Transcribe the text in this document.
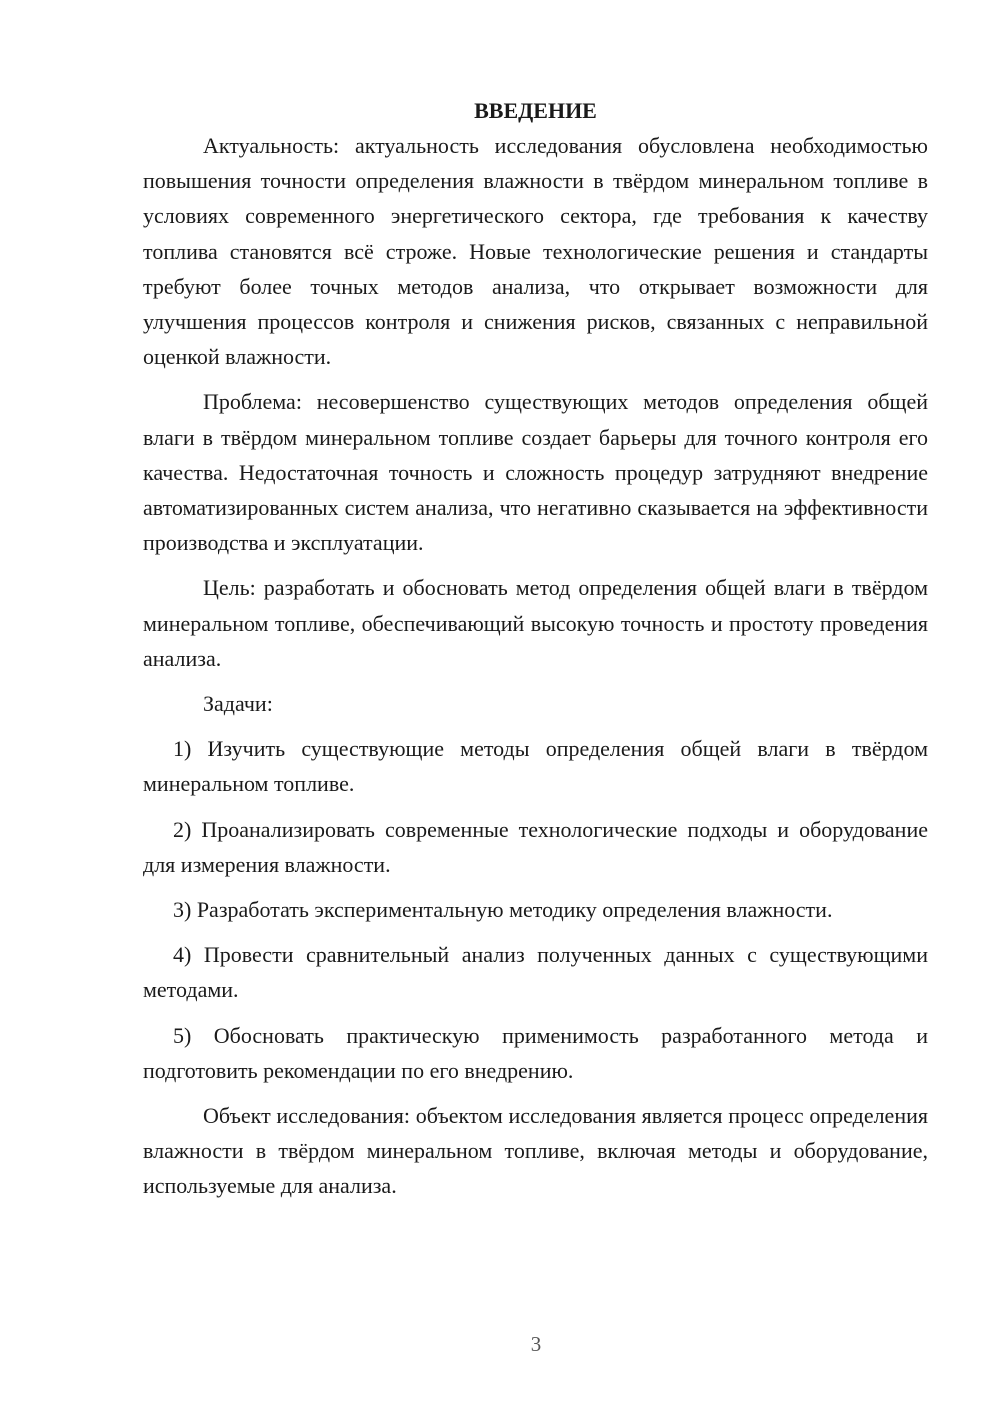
ВВЕДЕНИЕ

Актуальность: актуальность исследования обусловлена необходимостью повышения точности определения влажности в твёрдом минеральном топливе в условиях современного энергетического сектора, где требования к качеству топлива становятся всё строже. Новые технологические решения и стандарты требуют более точных методов анализа, что открывает возможности для улучшения процессов контроля и снижения рисков, связанных с неправильной оценкой влажности.

Проблема: несовершенство существующих методов определения общей влаги в твёрдом минеральном топливе создает барьеры для точного контроля его качества. Недостаточная точность и сложность процедур затрудняют внедрение автоматизированных систем анализа, что негативно сказывается на эффективности производства и эксплуатации.

Цель: разработать и обосновать метод определения общей влаги в твёрдом минеральном топливе, обеспечивающий высокую точность и простоту проведения анализа.

Задачи:

1) Изучить существующие методы определения общей влаги в твёрдом минеральном топливе.

2) Проанализировать современные технологические подходы и оборудование для измерения влажности.

3) Разработать экспериментальную методику определения влажности.

4) Провести сравнительный анализ полученных данных с существующими методами.

5) Обосновать практическую применимость разработанного метода и подготовить рекомендации по его внедрению.

Объект исследования: объектом исследования является процесс определения влажности в твёрдом минеральном топливе, включая методы и оборудование, используемые для анализа.

3
